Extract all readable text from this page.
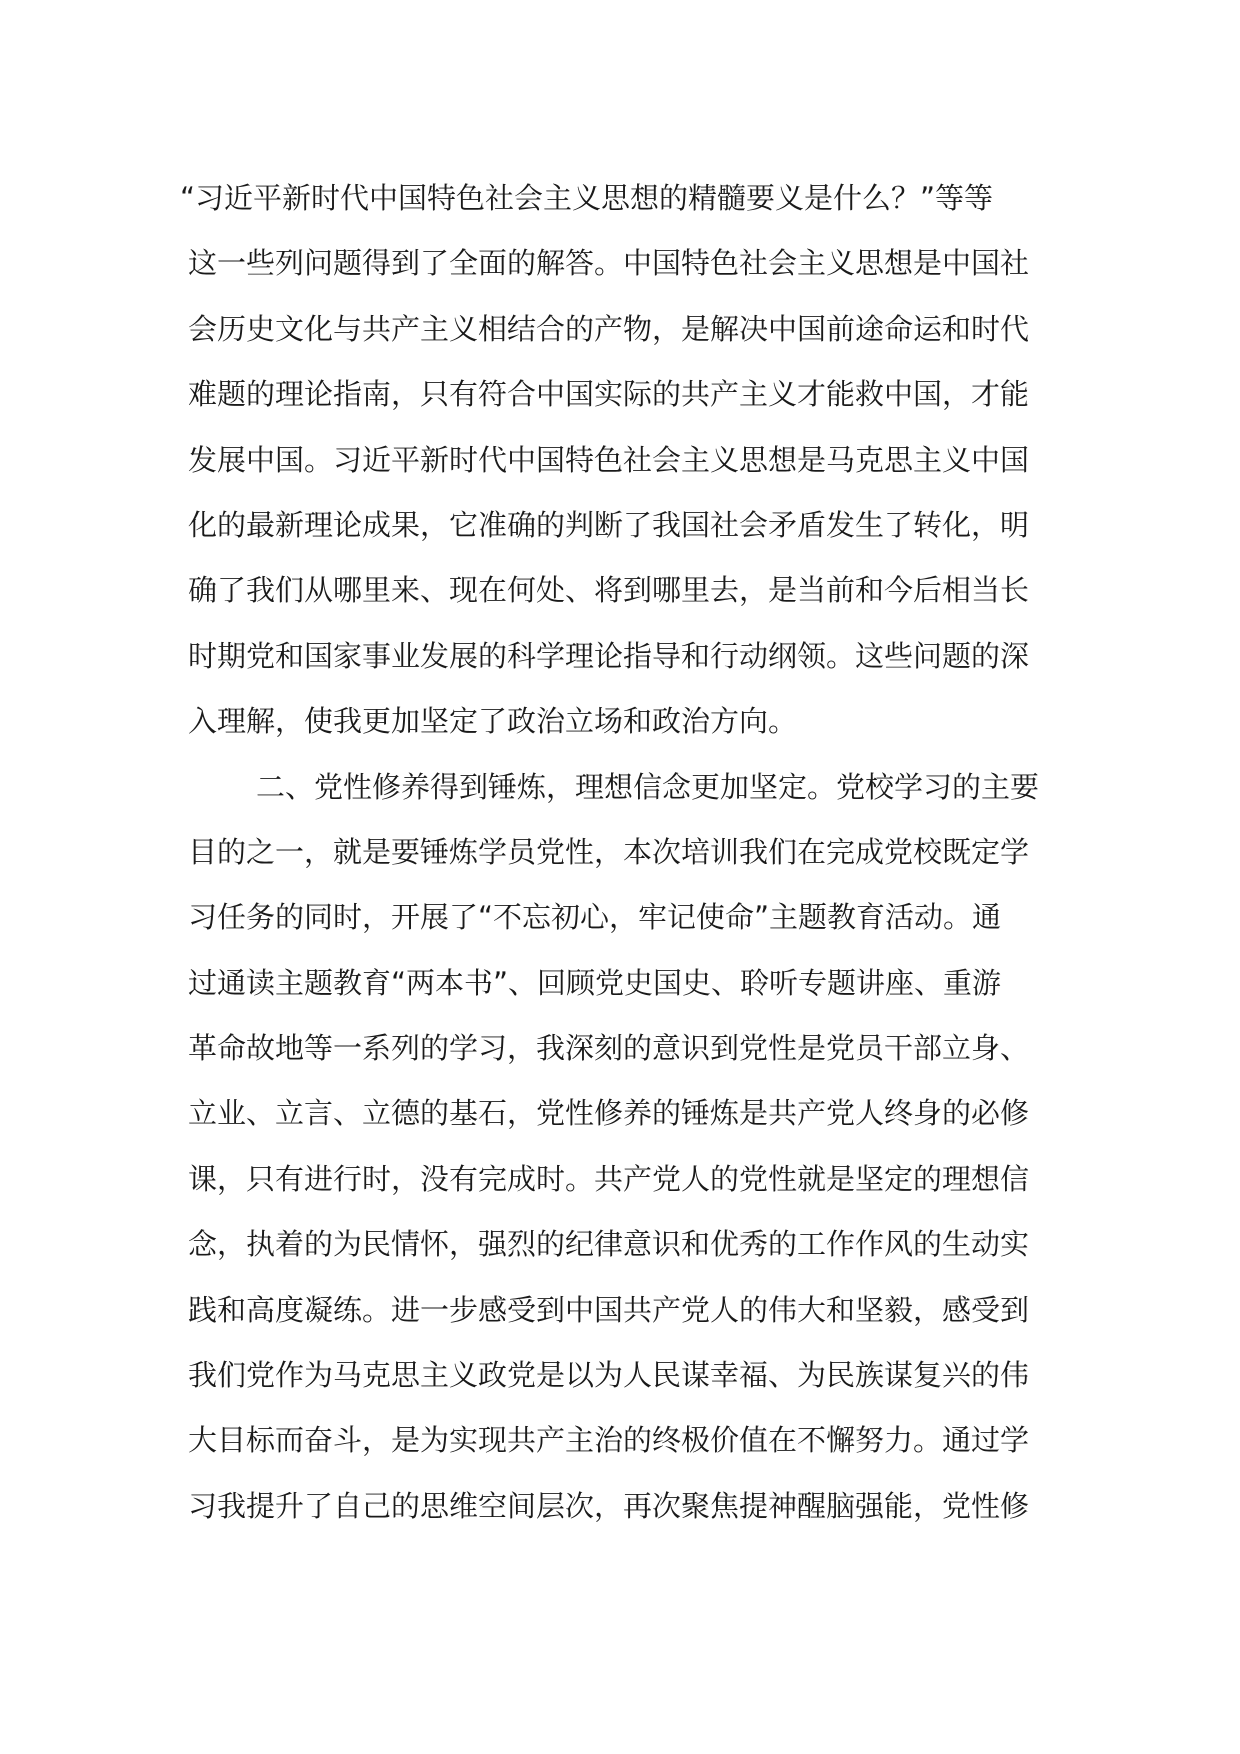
“习近平新时代中国特色社会主义思想的精髓要义是什么？”等等
这一些列问题得到了全面的解答。中国特色社会主义思想是中国社
会历史文化与共产主义相结合的产物，是解决中国前途命运和时代
难题的理论指南，只有符合中国实际的共产主义才能救中国，才能
发展中国。习近平新时代中国特色社会主义思想是马克思主义中国
化的最新理论成果，它准确的判断了我国社会矛盾发生了转化，明
确了我们从哪里来、现在何处、将到哪里去，是当前和今后相当长
时期党和国家事业发展的科学理论指导和行动纲领。这些问题的深
入理解，使我更加坚定了政治立场和政治方向。
二、党性修养得到锤炼，理想信念更加坚定。党校学习的主要
目的之一，就是要锤炼学员党性，本次培训我们在完成党校既定学
习任务的同时，开展了“不忘初心，牢记使命”主题教育活动。通
过通读主题教育“两本书”、回顾党史国史、聆听专题讲座、重游
革命故地等一系列的学习，我深刻的意识到党性是党员干部立身、
立业、立言、立德的基石，党性修养的锤炼是共产党人终身的必修
课，只有进行时，没有完成时。共产党人的党性就是坚定的理想信
念，执着的为民情怀，强烈的纪律意识和优秀的工作作风的生动实
践和高度凝练。进一步感受到中国共产党人的伟大和坚毅，感受到
我们党作为马克思主义政党是以为人民谋幸福、为民族谋复兴的伟
大目标而奋斗，是为实现共产主治的终极价值在不懈努力。通过学
习我提升了自己的思维空间层次，再次聚焦提神醒脑强能，党性修
